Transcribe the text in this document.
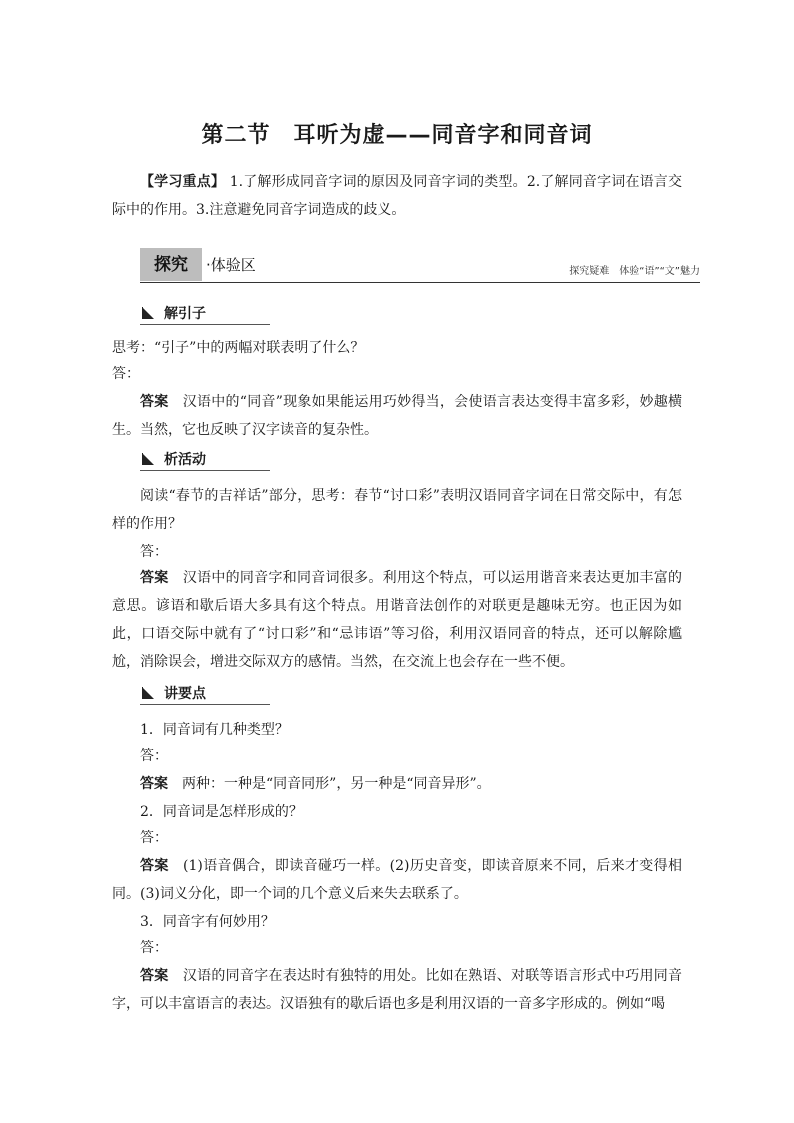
第二节　耳听为虚——同音字和同音词
【学习重点】 1.了解形成同音字词的原因及同音字词的类型。2.了解同音字词在语言交际中的作用。3.注意避免同音字词造成的歧义。
探究	·体验区	探究疑难　体验“语”“文”魅力
解引子
思考：“引子”中的两幅对联表明了什么？
答：
答案　汉语中的“同音”现象如果能运用巧妙得当，会使语言表达变得丰富多彩，妙趣横生。当然，它也反映了汉字读音的复杂性。
析活动
阅读“春节的吉祥话”部分，思考：春节“讨口彩”表明汉语同音字词在日常交际中，有怎样的作用？
答：
答案　汉语中的同音字和同音词很多。利用这个特点，可以运用谐音来表达更加丰富的意思。谚语和歇后语大多具有这个特点。用谐音法创作的对联更是趣味无穷。也正因为如此，口语交际中就有了“讨口彩”和“忌讳语”等习俗，利用汉语同音的特点，还可以解除尴尬，消除误会，增进交际双方的感情。当然，在交流上也会存在一些不便。
讲要点
1．同音词有几种类型？
答：
答案　两种：一种是“同音同形”，另一种是“同音异形”。
2．同音词是怎样形成的？
答：
答案　(1)语音偶合，即读音碰巧一样。(2)历史音变，即读音原来不同，后来才变得相同。(3)词义分化，即一个词的几个意义后来失去联系了。
3．同音字有何妙用？
答：
答案　汉语的同音字在表达时有独特的用处。比如在熟语、对联等语言形式中巧用同音字，可以丰富语言的表达。汉语独有的歇后语也多是利用汉语的一音多字形成的。例如“喝
